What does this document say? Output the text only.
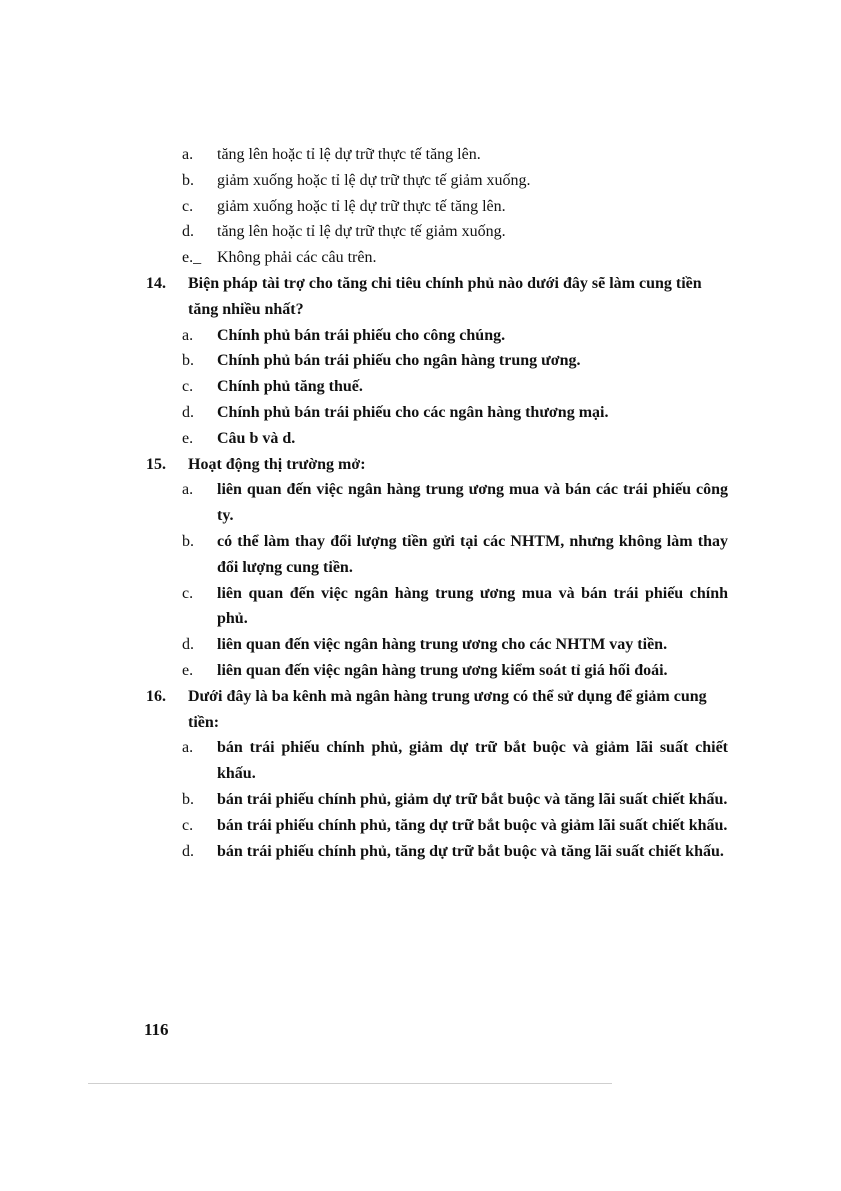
a.	tăng lên hoặc tỉ lệ dự trữ thực tế tăng lên.
b.	giảm xuống hoặc tỉ lệ dự trữ thực tế giảm xuống.
c.	giảm xuống hoặc tỉ lệ dự trữ thực tế tăng lên.
d.	tăng lên hoặc tỉ lệ dự trữ thực tế giảm xuống.
e._ Không phải các câu trên.
14.	Biện pháp tài trợ cho tăng chi tiêu chính phủ nào dưới đây sẽ làm cung tiền tăng nhiều nhất?
a.	Chính phủ bán trái phiếu cho công chúng.
b.	Chính phủ bán trái phiếu cho ngân hàng trung ương.
c.	Chính phủ tăng thuế.
d.	Chính phủ bán trái phiếu cho các ngân hàng thương mại.
e.	Câu b và d.
15.	Hoạt động thị trường mở:
a.	liên quan đến việc ngân hàng trung ương mua và bán các trái phiếu công ty.
b.	có thể làm thay đổi lượng tiền gửi tại các NHTM, nhưng không làm thay đổi lượng cung tiền.
c.	liên quan đến việc ngân hàng trung ương mua và bán trái phiếu chính phủ.
d.	liên quan đến việc ngân hàng trung ương cho các NHTM vay tiền.
e.	liên quan đến việc ngân hàng trung ương kiểm soát tỉ giá hối đoái.
16.	Dưới đây là ba kênh mà ngân hàng trung ương có thể sử dụng để giảm cung tiền:
a.	bán trái phiếu chính phủ, giảm dự trữ bắt buộc và giảm lãi suất chiết khấu.
b.	bán trái phiếu chính phủ, giảm dự trữ bắt buộc và tăng lãi suất chiết khấu.
c.	bán trái phiếu chính phủ, tăng dự trữ bắt buộc và giảm lãi suất chiết khấu.
d.	bán trái phiếu chính phủ, tăng dự trữ bắt buộc và tăng lãi suất chiết khấu.
116
